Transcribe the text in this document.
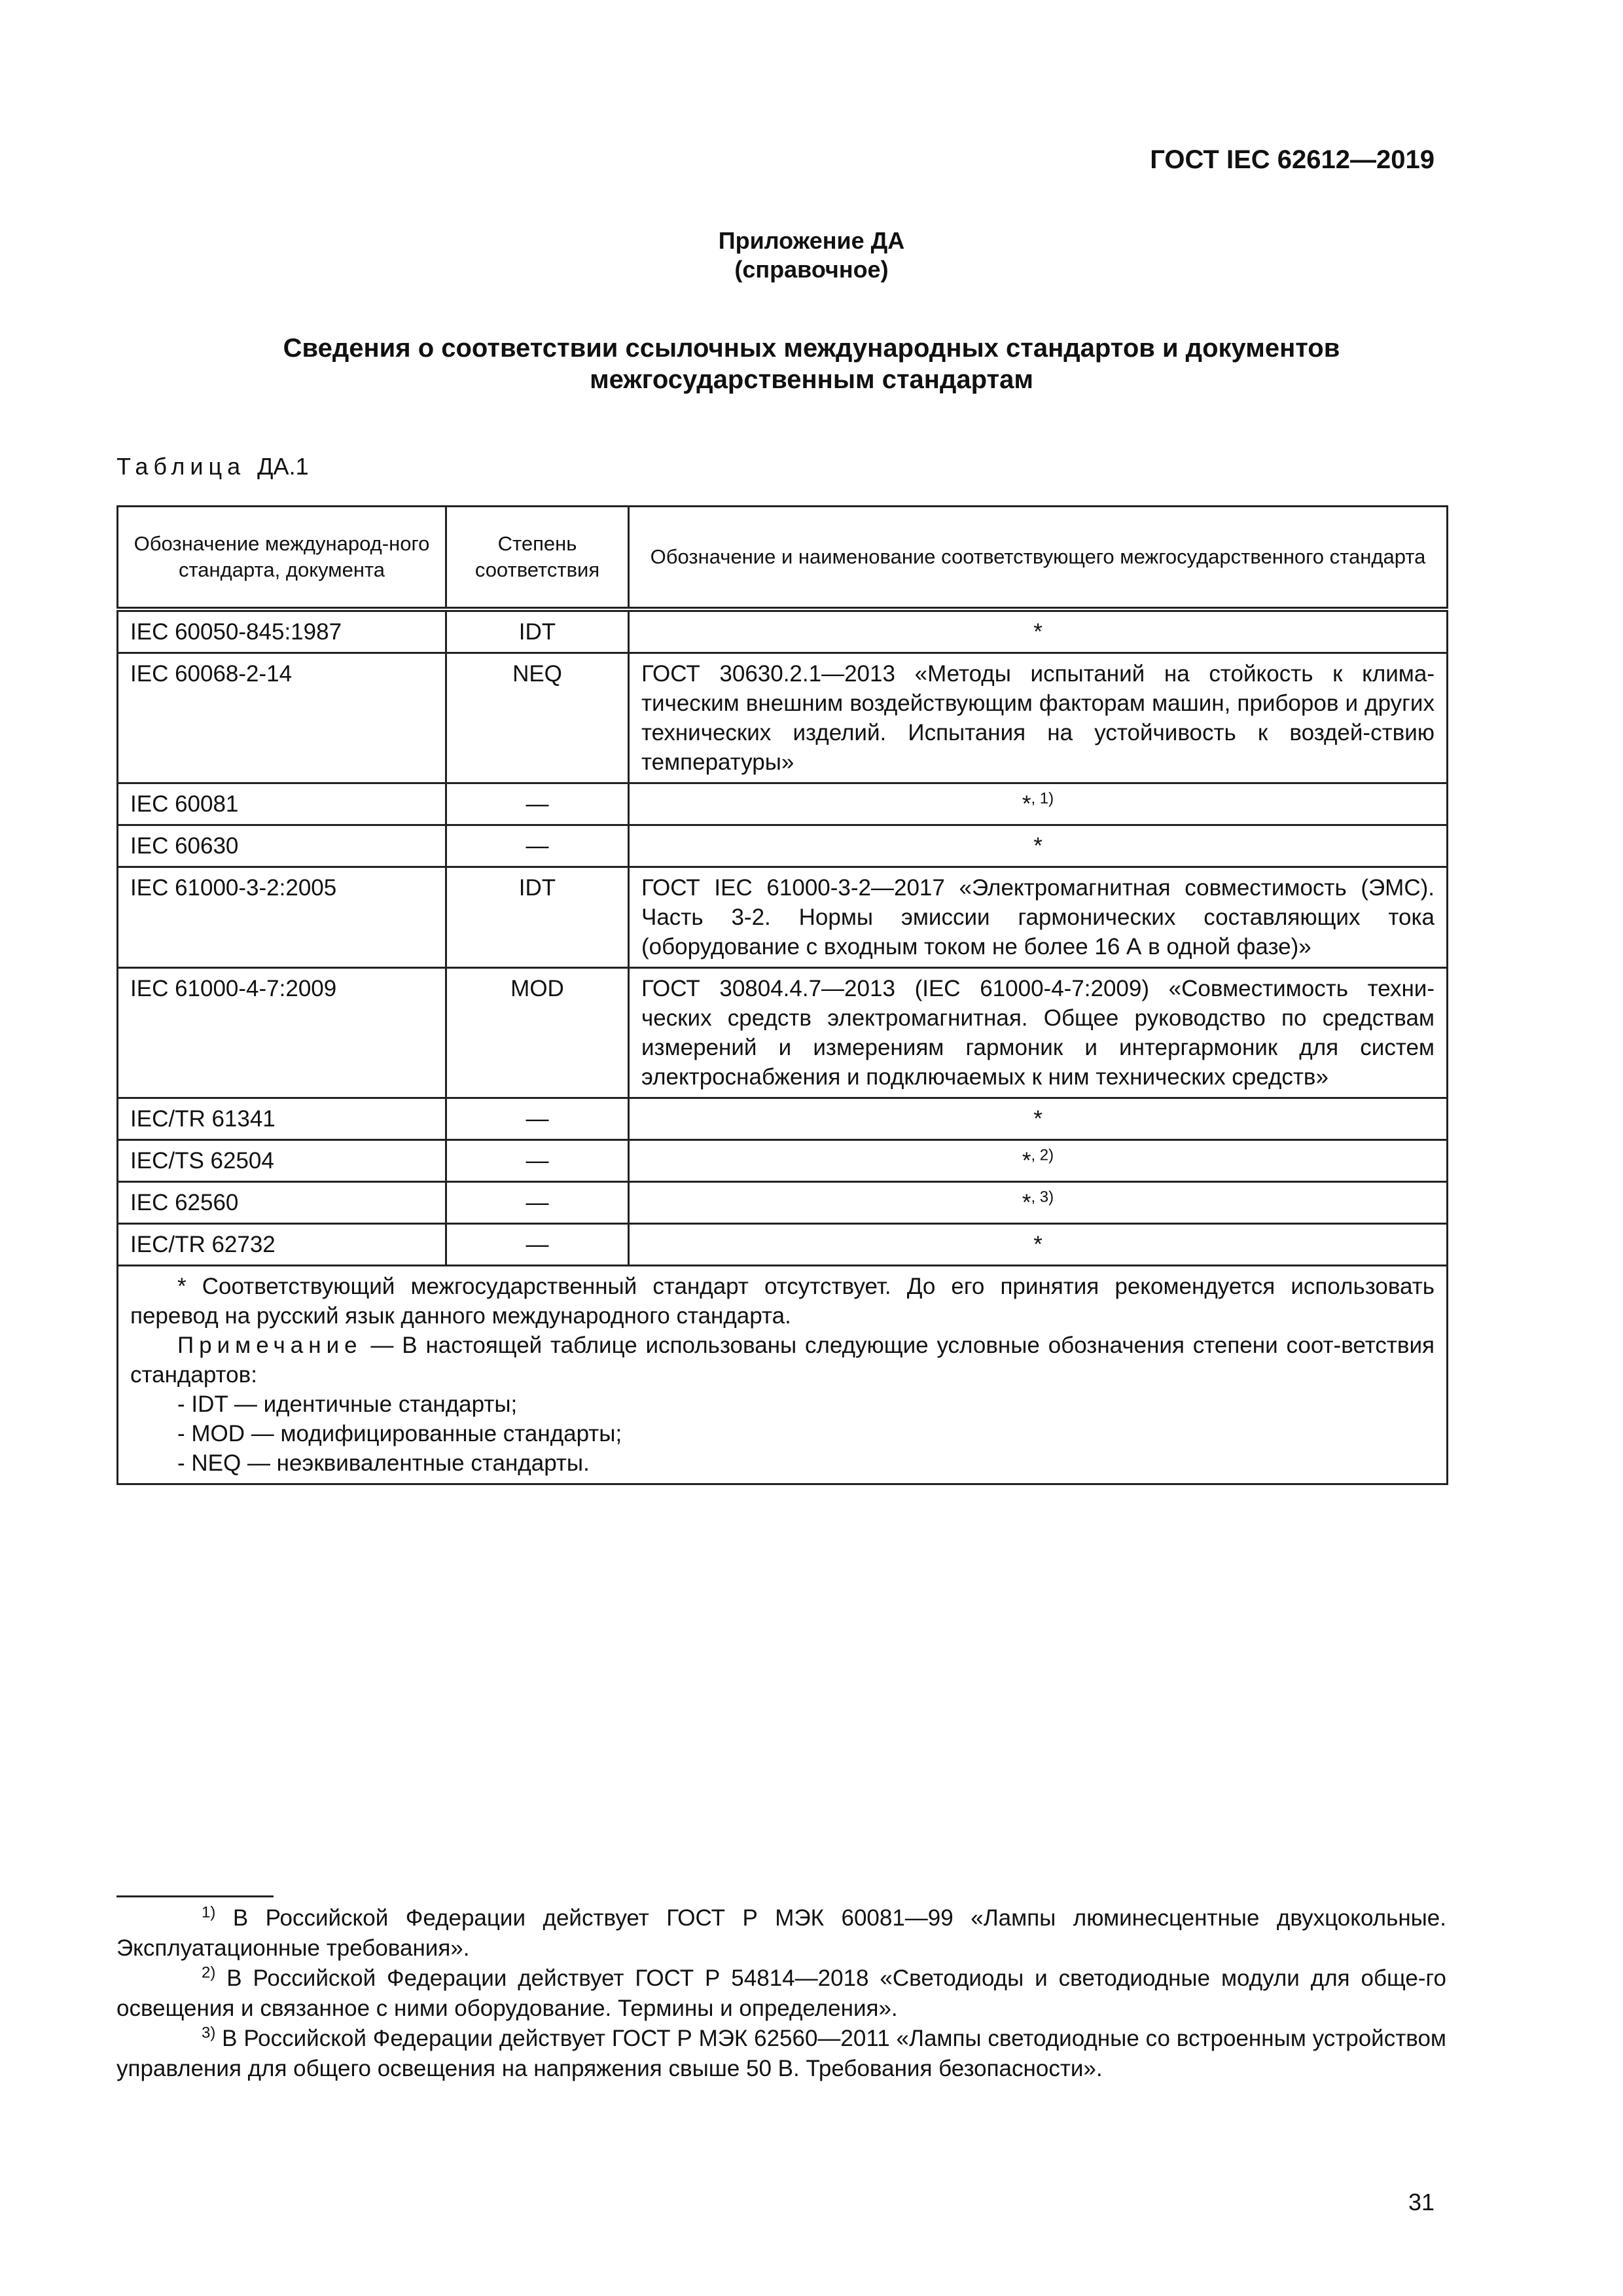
ГОСТ IEC 62612—2019
Приложение ДА
(справочное)
Сведения о соответствии ссылочных международных стандартов и документов
межгосударственным стандартам
Таблица ДА.1
Обозначение международ-ного стандарта, документа	Степень соответствия	Обозначение и наименование соответствующего межгосударственного стандарта
IEC 60050-845:1987	IDT	*
IEC 60068-2-14	NEQ	ГОСТ 30630.2.1—2013 «Методы испытаний на стойкость к клима-тическим внешним воздействующим факторам машин, приборов и других технических изделий. Испытания на устойчивость к воздей-ствию температуры»
IEC 60081	—	*$^{, 1)}$
IEC 60630	—	*
IEC 61000-3-2:2005	IDT	ГОСТ IEC 61000-3-2—2017 «Электромагнитная совместимость (ЭМС). Часть 3-2. Нормы эмиссии гармонических составляющих тока (оборудование с входным током не более 16 А в одной фазе)»
IEC 61000-4-7:2009	MOD	ГОСТ 30804.4.7—2013 (IEC 61000-4-7:2009) «Совместимость техни-ческих средств электромагнитная. Общее руководство по средствам измерений и измерениям гармоник и интергармоник для систем электроснабжения и подключаемых к ним технических средств»
IEC/TR 61341	—	*
IEC/TS 62504	—	*$^{, 2)}$
IEC 62560	—	*$^{, 3)}$
IEC/TR 62732	—	*

* Соответствующий межгосударственный стандарт отсутствует. До его принятия рекомендуется использовать перевод на русский язык данного международного стандарта.
Примечание — В настоящей таблице использованы следующие условные обозначения степени соот-ветствия стандартов:
- IDT — идентичные стандарты;
- MOD — модифицированные стандарты;
- NEQ — неэквивалентные стандарты.		

$^{1)}$ В Российской Федерации действует ГОСТ Р МЭК 60081—99 «Лампы люминесцентные двухцокольные. Эксплуатационные требования».

$^{2)}$ В Российской Федерации действует ГОСТ Р 54814—2018 «Светодиоды и светодиодные модули для обще-го освещения и связанное с ними оборудование. Термины и определения».

$^{3)}$ В Российской Федерации действует ГОСТ Р МЭК 62560—2011 «Лампы светодиодные со встроенным устройством управления для общего освещения на напряжения свыше 50 В. Требования безопасности».

31
